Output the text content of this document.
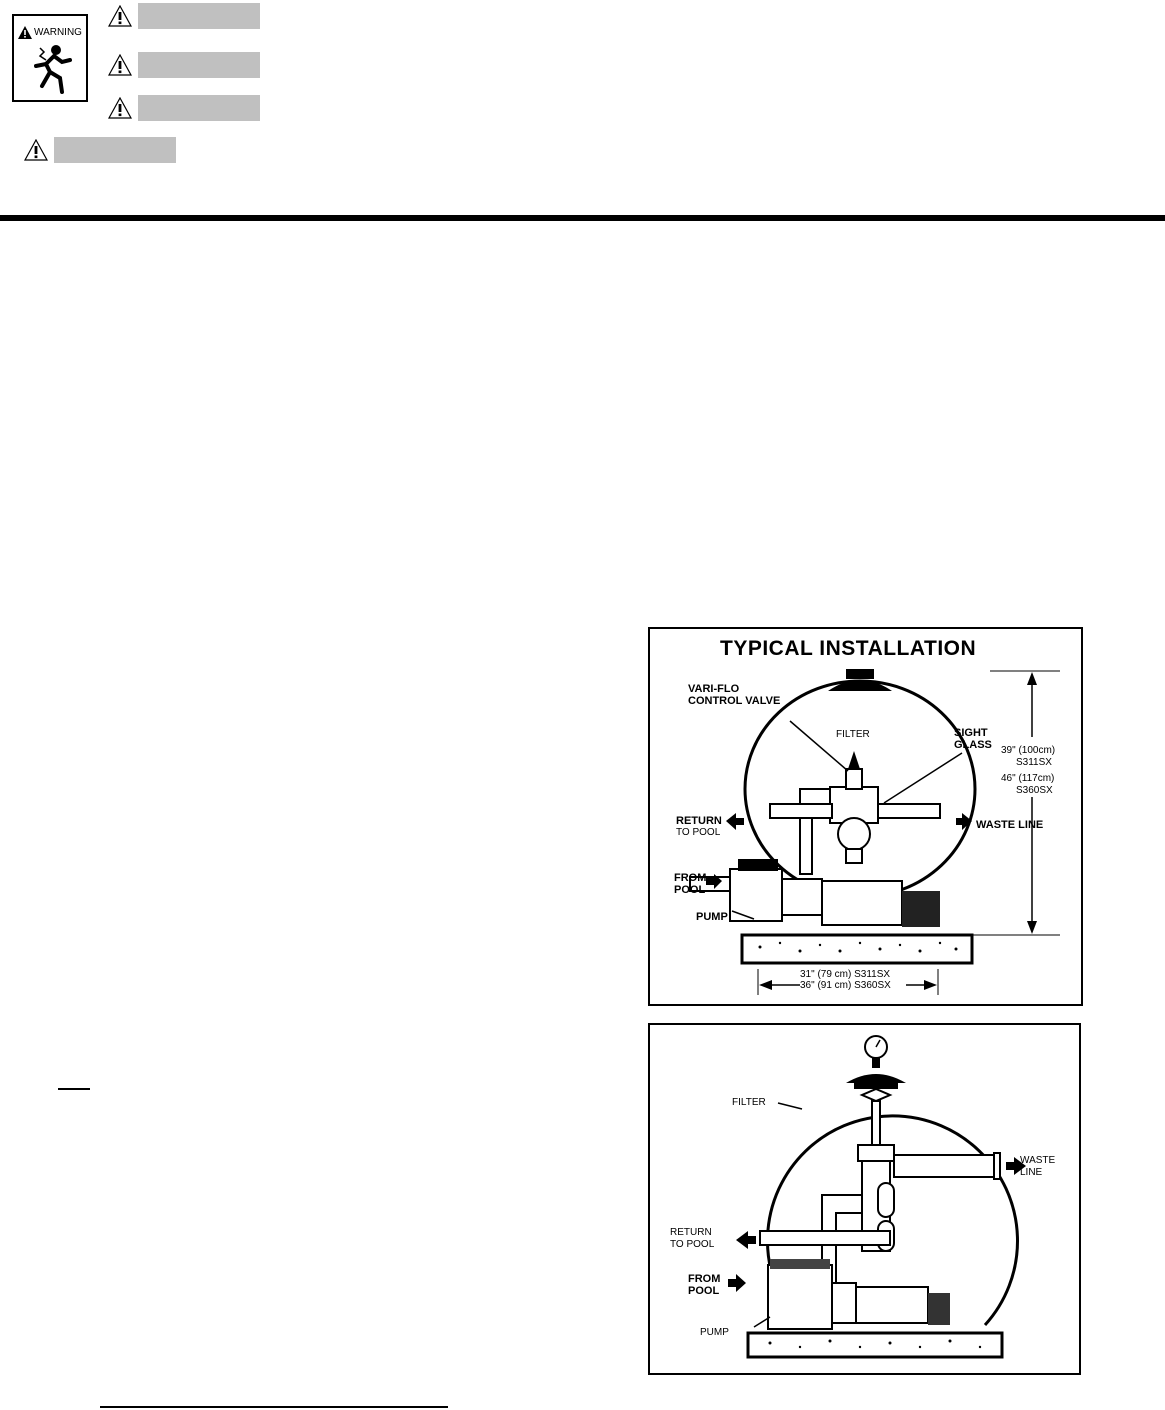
WARNING
TYPICAL INSTALLATION
VARI-FLO
CONTROL VALVE
FILTER	SIGHT
GLASS 39" (100cm)
S311SX
46" (117cm)
S360SX
RETURN
TO POOL
WASTE LINE
FROM
POOL
PUMP
31" (79 cm) S311SX
36" (91 cm) S360SX
FILTER
WASTE
LINE
RETURN
TO POOL
FROM
POOL
PUMP
